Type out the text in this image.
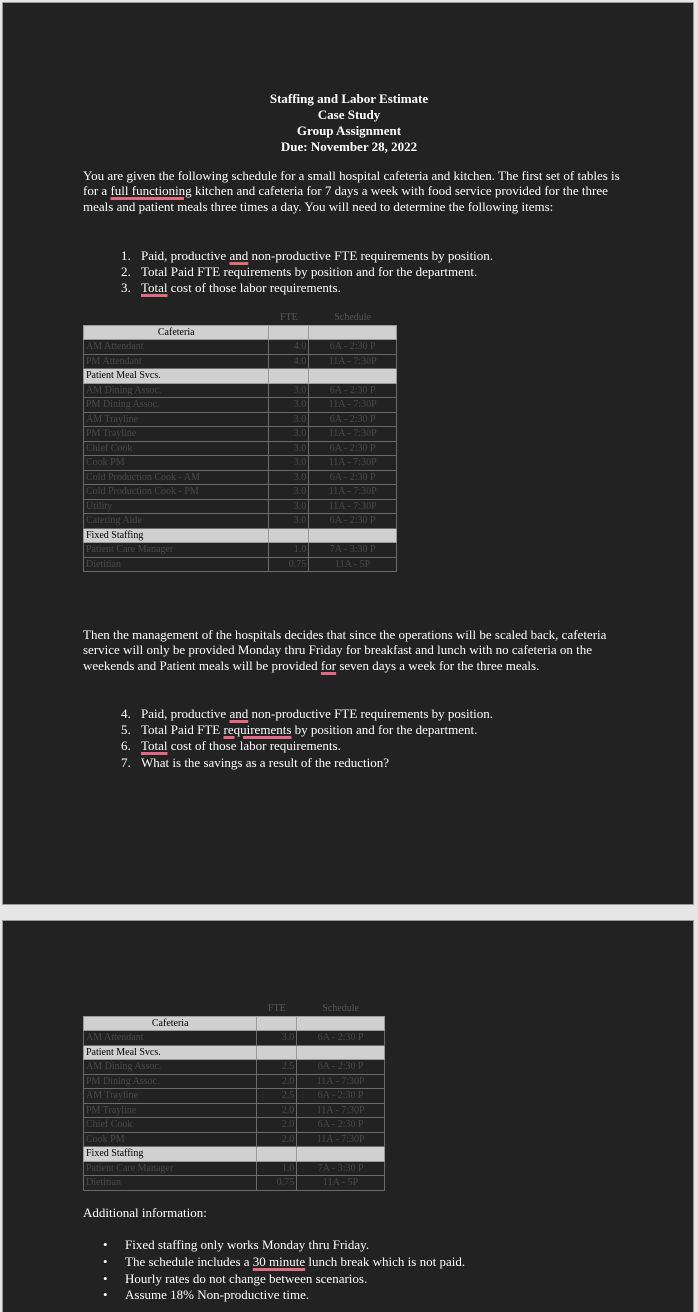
Staffing and Labor Estimate
Case Study
Group Assignment
Due: November 28, 2022
You are given the following schedule for a small hospital cafeteria and kitchen. The first set of tables is for a full functioning kitchen and cafeteria for 7 days a week with food service provided for the three meals and patient meals three times a day. You will need to determine the following items:
1. Paid, productive and non-productive FTE requirements by position.
2. Total Paid FTE requirements by position and for the department.
3. Total cost of those labor requirements.
	FTE	Schedule
Cafeteria		
AM Attendant	4.0	6A - 2:30 P
PM Attendant	4.0	11A - 7:30P
Patient Meal Svcs.		
AM Dining Assoc.	3.0	6A - 2:30 P
PM Dining Assoc.	3.0	11A - 7:30P
AM Trayline	3.0	6A - 2:30 P
PM Trayline	3.0	11A - 7:30P
Chief Cook	3.0	6A - 2:30 P
Cook PM	3.0	11A - 7:30P
Cold Production Cook - AM	3.0	6A - 2:30 P
Cold Production Cook - PM	3.0	11A - 7:30P
Utility	3.0	11A - 7:30P
Catering Aide	3.0	6A - 2:30 P
Fixed Staffing		
Patient Care Manager	1.0	7A - 3:30 P
Dietitian	0.75	11A - 5P
Then the management of the hospitals decides that since the operations will be scaled back, cafeteria service will only be provided Monday thru Friday for breakfast and lunch with no cafeteria on the weekends and Patient meals will be provided for seven days a week for the three meals.
4. Paid, productive and non-productive FTE requirements by position.
5. Total Paid FTE requirements by position and for the department.
6. Total cost of those labor requirements.
7. What is the savings as a result of the reduction?
	FTE	Schedule
Cafeteria		
AM Attendant	3.0	6A - 2:30 P
Patient Meal Svcs.		
AM Dining Assoc.	2.5	6A - 2:30 P
PM Dining Assoc.	2.0	11A - 7:30P
AM Trayline	2.5	6A - 2:30 P
PM Trayline	2.0	11A - 7:30P
Chief Cook	2.0	6A - 2:30 P
Cook PM	2.0	11A - 7:30P
Fixed Staffing		
Patient Care Manager	1.0	7A - 3:30 P
Dietitian	0.75	11A - 5P
Additional information:
• Fixed staffing only works Monday thru Friday.
• The schedule includes a 30 minute lunch break which is not paid.
• Hourly rates do not change between scenarios.
• Assume 18% Non-productive time.
